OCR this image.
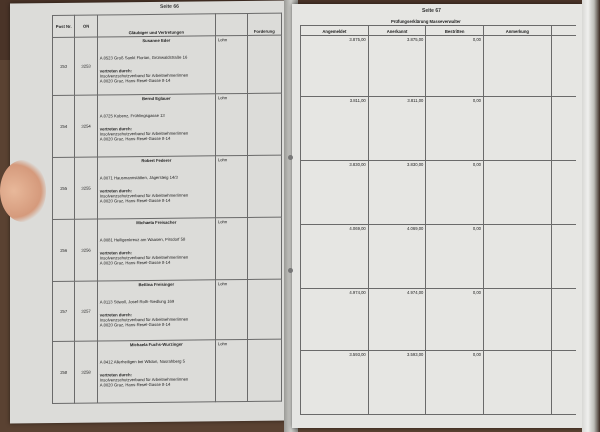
Seite 66
Post Nr.	ON	Gläubiger und Vertretungen		Forderung
253	3253	Susanne Eder
A 8523 Groß Sankt Florian, Grünwaldstraße 16
vertreten durch:
Insolvenzschutzverband für Arbeitnehmer/innen
A 8020 Graz, Hans-Resel-Gasse 8-14	Lohn	
254	3254	Bernd Eglauer
A 8725 Kobenz, Frühlingsgasse 13
vertreten durch:
Insolvenzschutzverband für Arbeitnehmer/innen
A 8020 Graz, Hans-Resel-Gasse 8-14	Lohn	
255	3255	Robert Federer
A 8071 Hausmannstätten, Jägersteig 14/3
vertreten durch:
Insolvenzschutzverband für Arbeitnehmer/innen
A 8020 Graz, Hans-Resel-Gasse 8-14	Lohn	
256	3256	Michaela Freisacher
A 8081 Heiligenkreuz am Waasen, Pirsdorf 58
vertreten durch:
Insolvenzschutzverband für Arbeitnehmer/innen
A 8020 Graz, Hans-Resel-Gasse 8-14	Lohn	
257	3257	Bettina Freisinger
A 8113 Stiwoll, Josef-Roth-Siedlung 169
vertreten durch:
Insolvenzschutzverband für Arbeitnehmer/innen
A 8020 Graz, Hans-Resel-Gasse 8-14	Lohn	
258	3258	Michaela Fuchs-Wurzinger
A 8412 Allerheiligen bei Wildon, Nasrahberg 5
vertreten durch:
Insolvenzschutzverband für Arbeitnehmer/innen
A 8020 Graz, Hans-Resel-Gasse 8-14	Lohn	
Seite 67
	Prüfungserklärung Masseverwalter			
Angemeldet	Anerkannt	Bestritten	Anmerkung	
3.875,00	3.875,00	0,00		
3.811,00	3.811,00	0,00		
3.830,00	3.830,00	0,00		
4.069,00	4.069,00	0,00		
4.974,00	4.974,00	0,00		
3.593,00	3.593,00	0,00		
